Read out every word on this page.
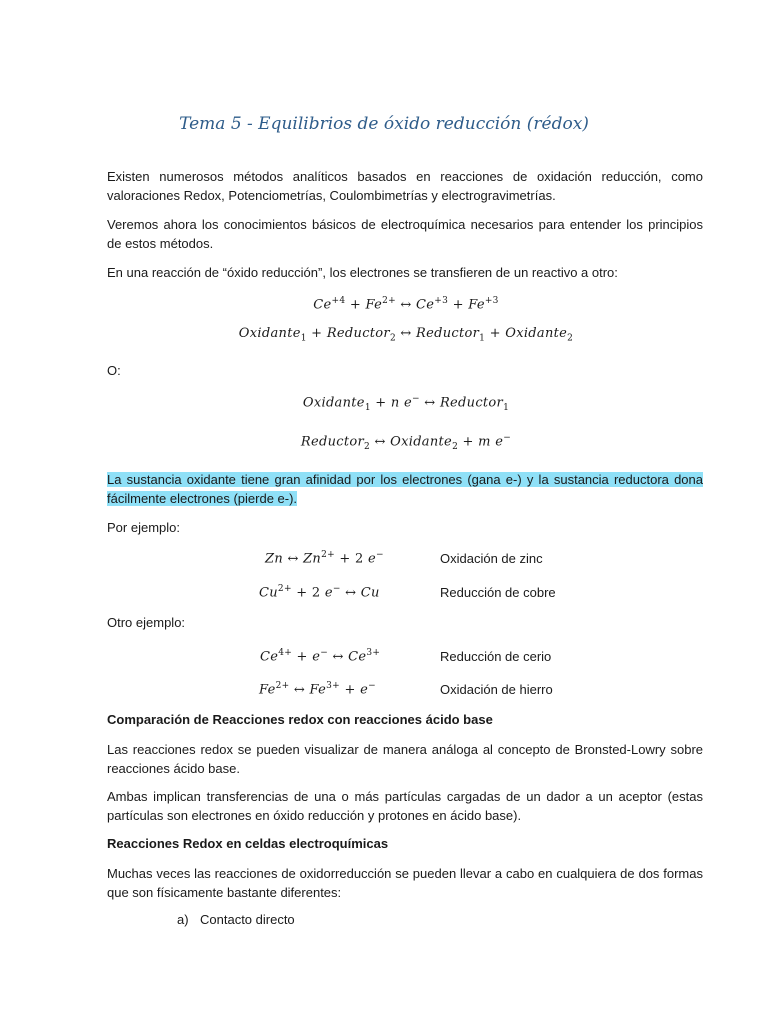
Tema 5 - Equilibrios de óxido reducción (rédox)
Existen numerosos métodos analíticos basados en reacciones de oxidación reducción, como valoraciones Redox, Potenciometrías, Coulombimetrías y electrogravimetrías.
Veremos ahora los conocimientos básicos de electroquímica necesarios para entender los principios de estos métodos.
En una reacción de “óxido reducción”, los electrones se transfieren de un reactivo a otro:
$Ce^{+4} + Fe^{2+}$ ↔ $Ce^{+3} + Fe^{+3}$
Oxidante$_1$ + Reductor$_2$ ↔ Reductor$_1$ + Oxidante$_2$
O:
Oxidante$_1$ + n e− ↔ Reductor$_1$
Reductor$_2$ ↔ Oxidante$_2$ + m e−
La sustancia oxidante tiene gran afinidad por los electrones (gana e-) y la sustancia reductora dona fácilmente electrones (pierde e-).
Por ejemplo:
Zn ↔ $Zn^{2+} + 2$ e−	Oxidación de zinc
$Cu^{2+} + 2$ e− ↔ Cu	Reducción de cobre
Otro ejemplo:
$Ce^{4+} + e^-$ ↔ $Ce^{3+}$	Reducción de cerio
$Fe^{2+}$ ↔ $Fe^{3+} + e^-$	Oxidación de hierro
Comparación de Reacciones redox con reacciones ácido base
Las reacciones redox se pueden visualizar de manera análoga al concepto de Bronsted-Lowry sobre reacciones ácido base.
Ambas implican transferencias de una o más partículas cargadas de un dador a un aceptor (estas partículas son electrones en óxido reducción y protones en ácido base).
Reacciones Redox en celdas electroquímicas
Muchas veces las reacciones de oxidorreducción se pueden llevar a cabo en cualquiera de dos formas que son físicamente bastante diferentes:
a) Contacto directo
